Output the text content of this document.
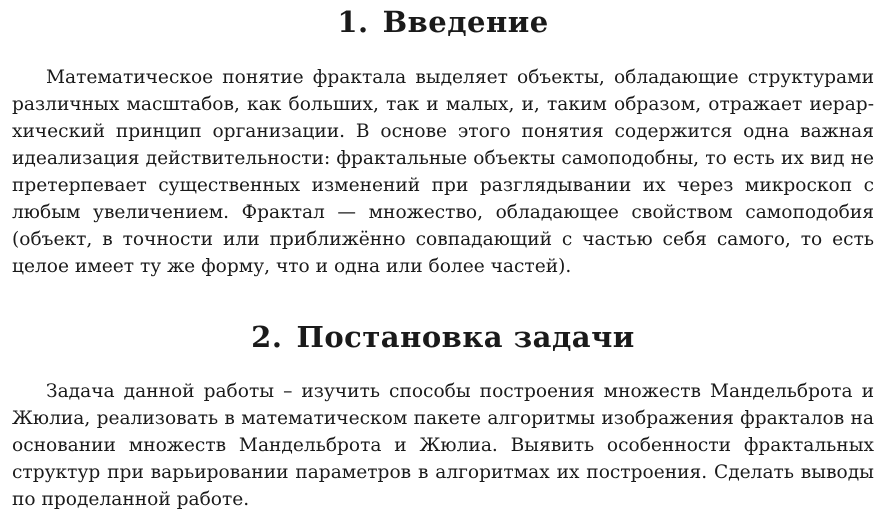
1. Введение

Математическое понятие фрактала выделяет объекты, обладающие структурами различных масштабов, как больших, так и малых, и, таким образом, отражает иерархический принцип организации. В основе этого понятия содержится одна важная идеализация действительности: фрактальные объекты самоподобны, то есть их вид не претерпевает существенных изменений при разглядывании их через микроскоп с любым увеличением. Фрактал — множество, обладающее свойством самоподобия (объект, в точности или приближённо совпадающий с частью себя самого, то есть целое имеет ту же форму, что и одна или более частей).

2. Постановка задачи

Задача данной работы – изучить способы построения множеств Мандельброта и Жюлиа, реализовать в математическом пакете алгоритмы изображения фракталов на основании множеств Мандельброта и Жюлиа. Выявить особенности фрактальных структур при варьировании параметров в алгоритмах их построения. Сделать выводы по проделанной работе.
